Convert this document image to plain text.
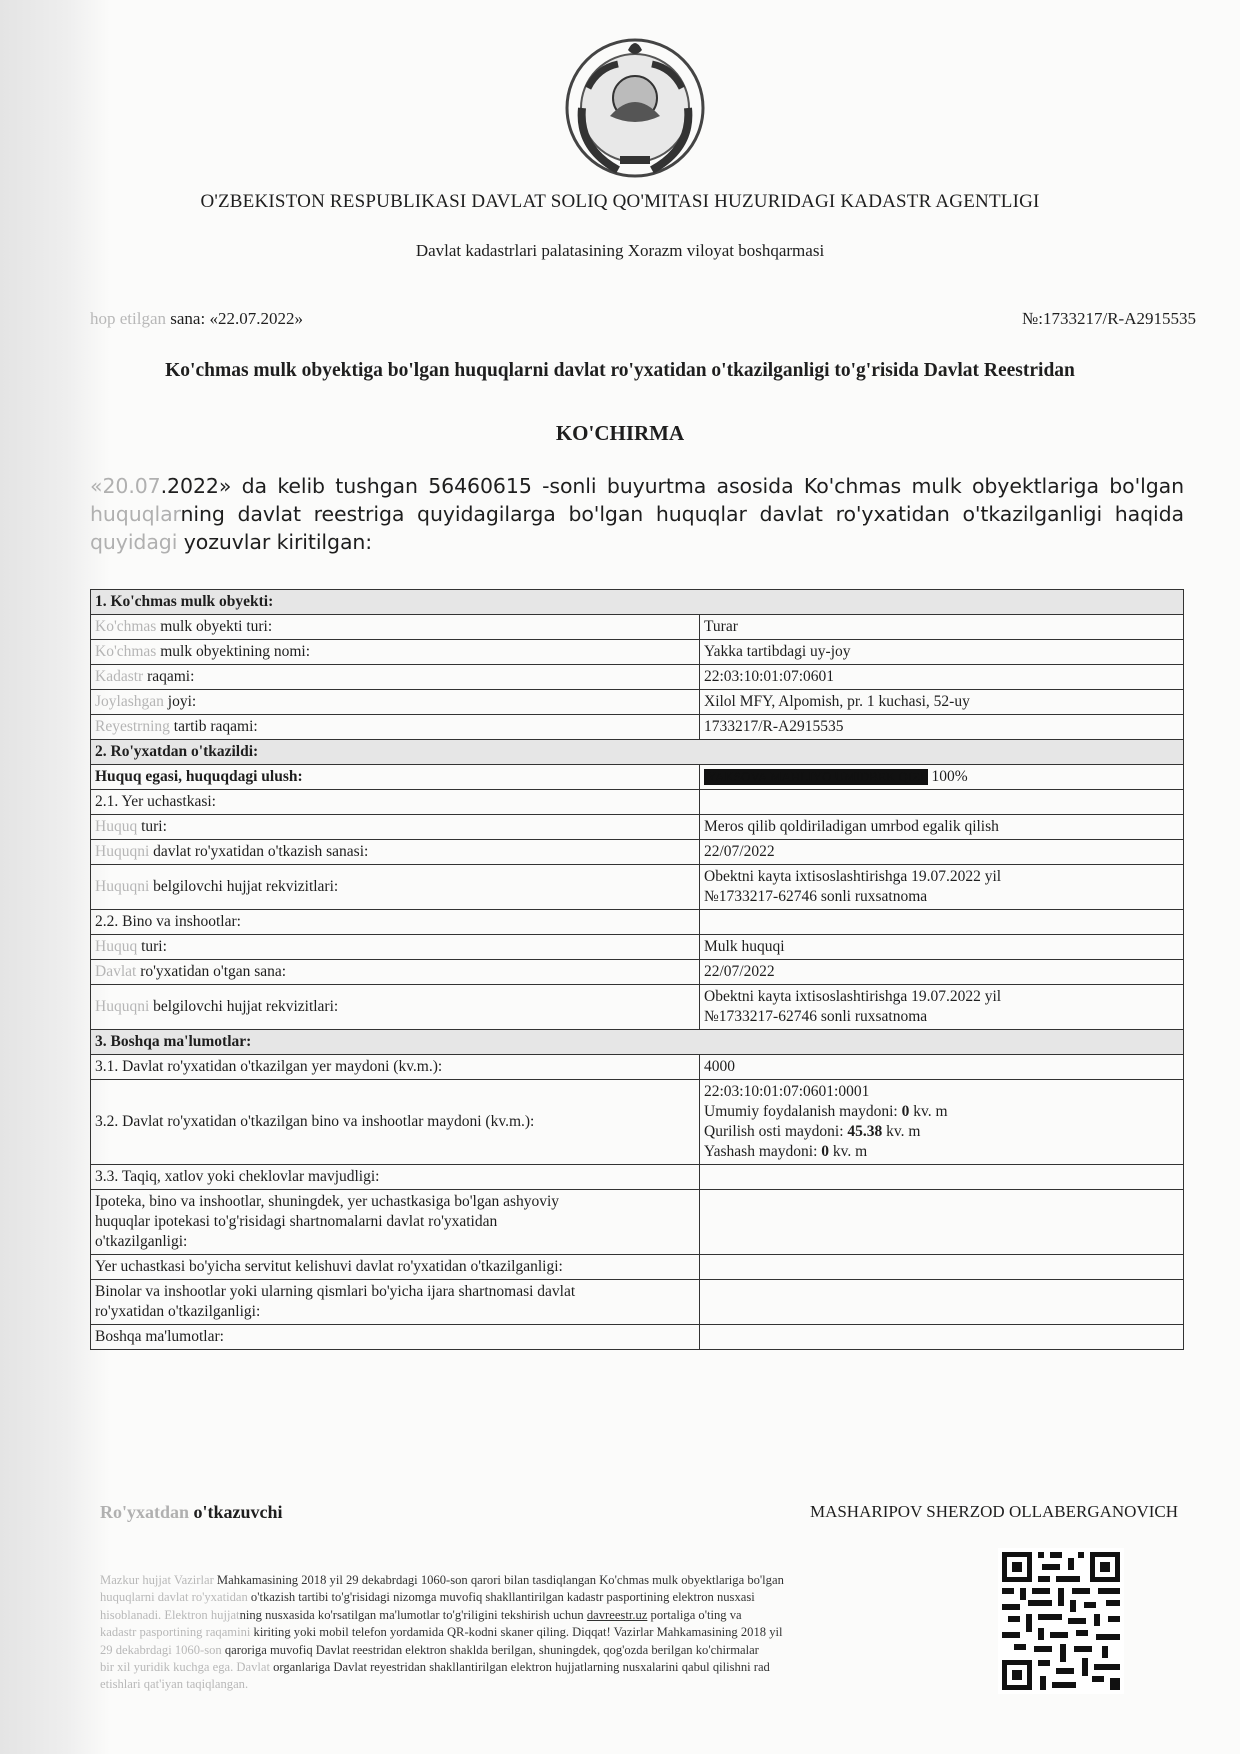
O'ZBEKISTON RESPUBLIKASI DAVLAT SOLIQ QO'MITASI HUZURIDAGI KADASTR AGENTLIGI
Davlat kadastrlari palatasining Xorazm viloyat boshqarmasi
hop etilgan sana: «22.07.2022»	№:1733217/R-A2915535
Ko'chmas mulk obyektiga bo'lgan huquqlarni davlat ro'yxatidan o'tkazilganligi to'g'risida Davlat Reestridan
KO'CHIRMA
«20.07.2022» da kelib tushgan 56460615 -sonli buyurtma asosida Ko'chmas mulk obyektlariga bo'lgan huquqlarning davlat reestriga quyidagilarga bo'lgan huquqlar davlat ro'yxatidan o'tkazilganligi haqida quyidagi yozuvlar kiritilgan:
1. Ko'chmas mulk obyekti:	
Ko'chmas mulk obyekti turi:	Turar
Ko'chmas mulk obyektining nomi:	Yakka tartibdagi uy-joy
Kadastr raqami:	22:03:10:01:07:0601
Joylashgan joyi:	Xilol MFY, Alpomish, pr. 1 kuchasi, 52-uy
Reyestrning tartib raqami:	1733217/R-A2915535
2. Ro'yxatdan o'tkazildi:	
Huquq egasi, huquqdagi ulush:	YAKSOVA MAHLIYO UMIDBEK QIZI 100%
2.1. Yer uchastkasi:	
Huquq turi:	Meros qilib qoldiriladigan umrbod egalik qilish
Huquqni davlat ro'yxatidan o'tkazish sanasi:	22/07/2022
Huquqni belgilovchi hujjat rekvizitlari:	Obektni kayta ixtisoslashtirishga 19.07.2022 yil
№1733217-62746 sonli ruxsatnoma

2.2. Bino va inshootlar:	
Huquq turi:	Mulk huquqi
Davlat ro'yxatidan o'tgan sana:	22/07/2022
Huquqni belgilovchi hujjat rekvizitlari:	Obektni kayta ixtisoslashtirishga 19.07.2022 yil
№1733217-62746 sonli ruxsatnoma

3. Boshqa ma'lumotlar:	
3.1. Davlat ro'yxatidan o'tkazilgan yer maydoni (kv.m.):	4000
3.2. Davlat ro'yxatidan o'tkazilgan bino va inshootlar maydoni (kv.m.):	22:03:10:01:07:0601:0001
Umumiy foydalanish maydoni: 0 kv. m
Qurilish osti maydoni: 45.38 kv. m
Yashash maydoni: 0 kv. m

3.3. Taqiq, xatlov yoki cheklovlar mavjudligi:	

Ipoteka, bino va inshootlar, shuningdek, yer uchastkasiga bo'lgan ashyoviy
huquqlar ipotekasi to'g'risidagi shartnomalarni davlat ro'yxatidan
o'tkazilganligi:	

Yer uchastkasi bo'yicha servitut kelishuvi davlat ro'yxatidan o'tkazilganligi:	

Binolar va inshootlar yoki ularning qismlari bo'yicha ijara shartnomasi davlat
ro'yxatidan o'tkazilganligi:	

Boshqa ma'lumotlar:	
Ro'yxatdan o'tkazuvchi	MASHARIPOV SHERZOD OLLABERGANOVICH
Mazkur hujjat Vazirlar Mahkamasining 2018 yil 29 dekabrdagi 1060-son qarori bilan tasdiqlangan Ko'chmas mulk obyektlariga bo'lgan
huquqlarni davlat ro'yxatidan o'tkazish tartibi to'g'risidagi nizomga muvofiq shakllantirilgan kadastr pasportining elektron nusxasi
hisoblanadi. Elektron hujjatning nusxasida ko'rsatilgan ma'lumotlar to'g'riligini tekshirish uchun davreestr.uz portaliga o'ting va
kadastr pasportining raqamini kiriting yoki mobil telefon yordamida QR-kodni skaner qiling. Diqqat! Vazirlar Mahkamasining 2018 yil
29 dekabrdagi 1060-son qaroriga muvofiq Davlat reestridan elektron shaklda berilgan, shuningdek, qog'ozda berilgan ko'chirmalar
bir xil yuridik kuchga ega. Davlat organlariga Davlat reyestridan shakllantirilgan elektron hujjatlarning nusxalarini qabul qilishni rad
etishlari qat'iyan taqiqlangan.
